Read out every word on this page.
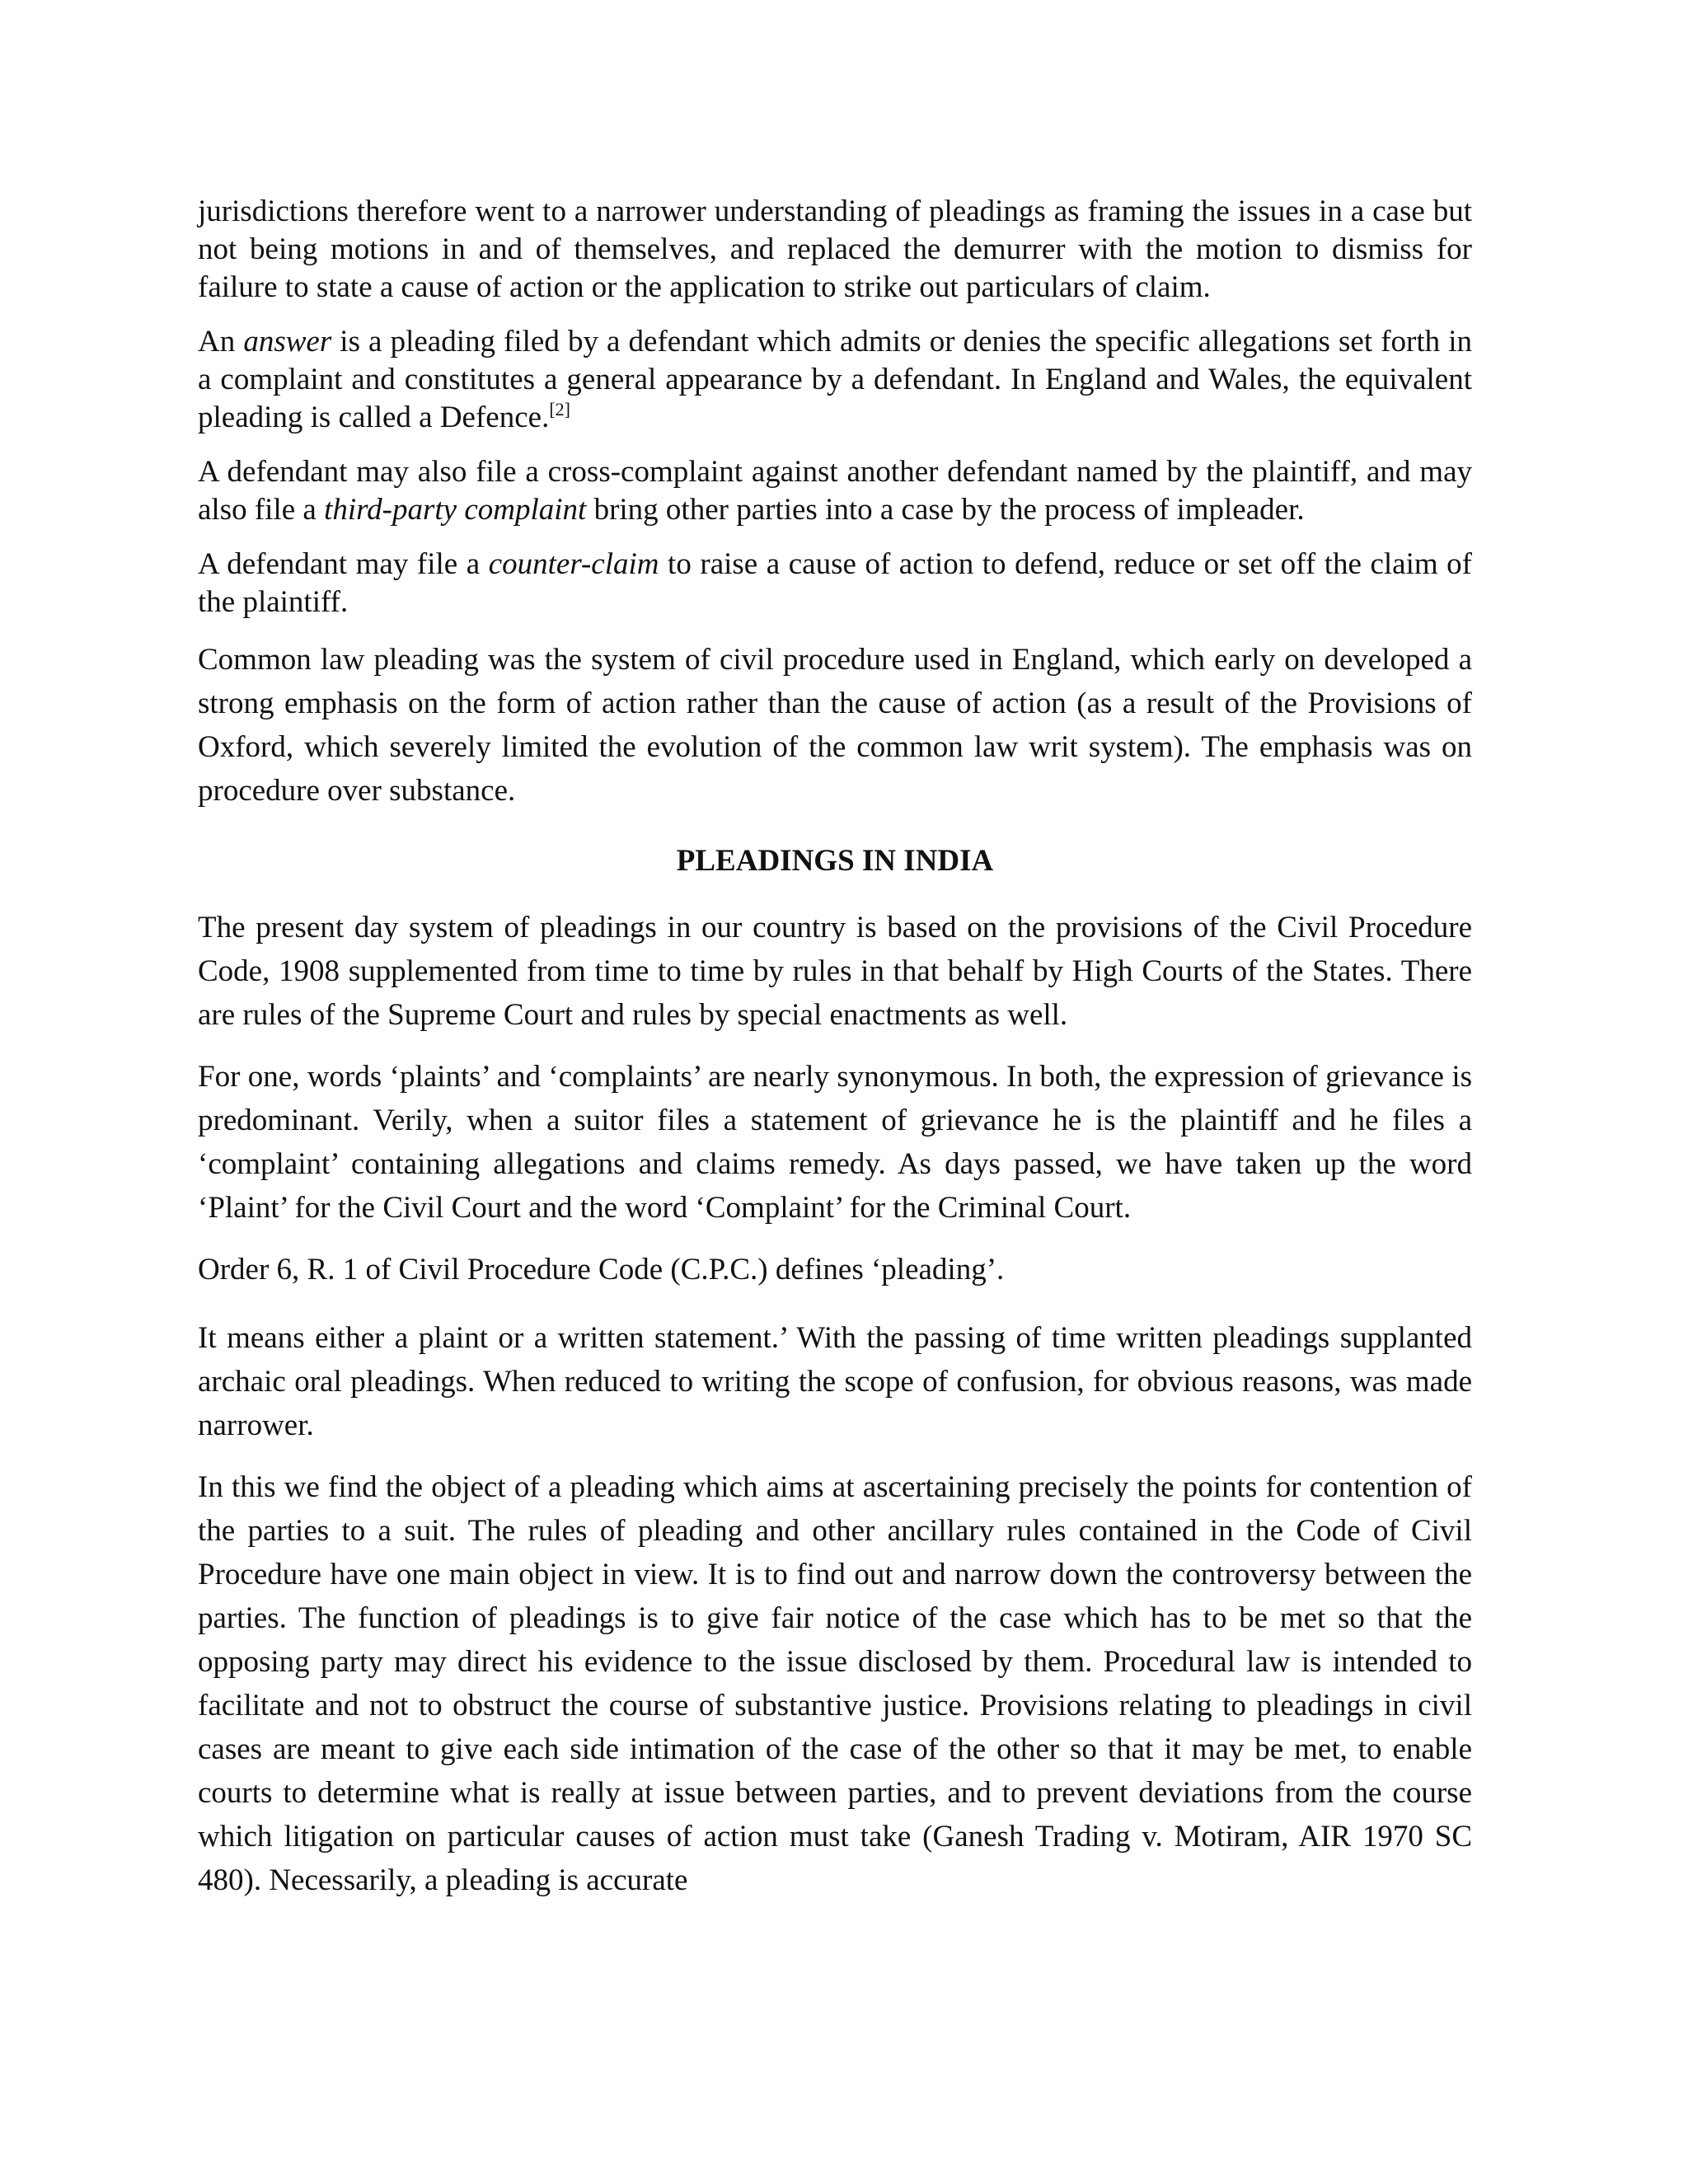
jurisdictions therefore went to a narrower understanding of pleadings as framing the issues in a case but not being motions in and of themselves, and replaced the demurrer with the motion to dismiss for failure to state a cause of action or the application to strike out particulars of claim.

An answer is a pleading filed by a defendant which admits or denies the specific allegations set forth in a complaint and constitutes a general appearance by a defendant. In England and Wales, the equivalent pleading is called a Defence.[2]

A defendant may also file a cross-complaint against another defendant named by the plaintiff, and may also file a third-party complaint bring other parties into a case by the process of impleader.

A defendant may file a counter-claim to raise a cause of action to defend, reduce or set off the claim of the plaintiff.

Common law pleading was the system of civil procedure used in England, which early on developed a strong emphasis on the form of action rather than the cause of action (as a result of the Provisions of Oxford, which severely limited the evolution of the common law writ system). The emphasis was on procedure over substance.

PLEADINGS IN INDIA

The present day system of pleadings in our country is based on the provisions of the Civil Procedure Code, 1908 supplemented from time to time by rules in that behalf by High Courts of the States. There are rules of the Supreme Court and rules by special enactments as well.

For one, words ‘plaints’ and ‘complaints’ are nearly synonymous. In both, the expression of grievance is predominant. Verily, when a suitor files a statement of grievance he is the plaintiff and he files a ‘complaint’ containing allegations and claims remedy. As days passed, we have taken up the word ‘Plaint’ for the Civil Court and the word ‘Complaint’ for the Criminal Court.

Order 6, R. 1 of Civil Procedure Code (C.P.C.) defines ‘pleading’.

It means either a plaint or a written statement.’ With the passing of time written pleadings supplanted archaic oral pleadings. When reduced to writing the scope of confusion, for obvious reasons, was made narrower.

In this we find the object of a pleading which aims at ascertaining precisely the points for contention of the parties to a suit. The rules of pleading and other ancillary rules contained in the Code of Civil Procedure have one main object in view. It is to find out and narrow down the controversy between the parties. The function of pleadings is to give fair notice of the case which has to be met so that the opposing party may direct his evidence to the issue disclosed by them. Procedural law is intended to facilitate and not to obstruct the course of substantive justice. Provisions relating to pleadings in civil cases are meant to give each side intimation of the case of the other so that it may be met, to enable courts to determine what is really at issue between parties, and to prevent deviations from the course which litigation on particular causes of action must take (Ganesh Trading v. Motiram, AIR 1970 SC 480). Necessarily, a pleading is accurate
